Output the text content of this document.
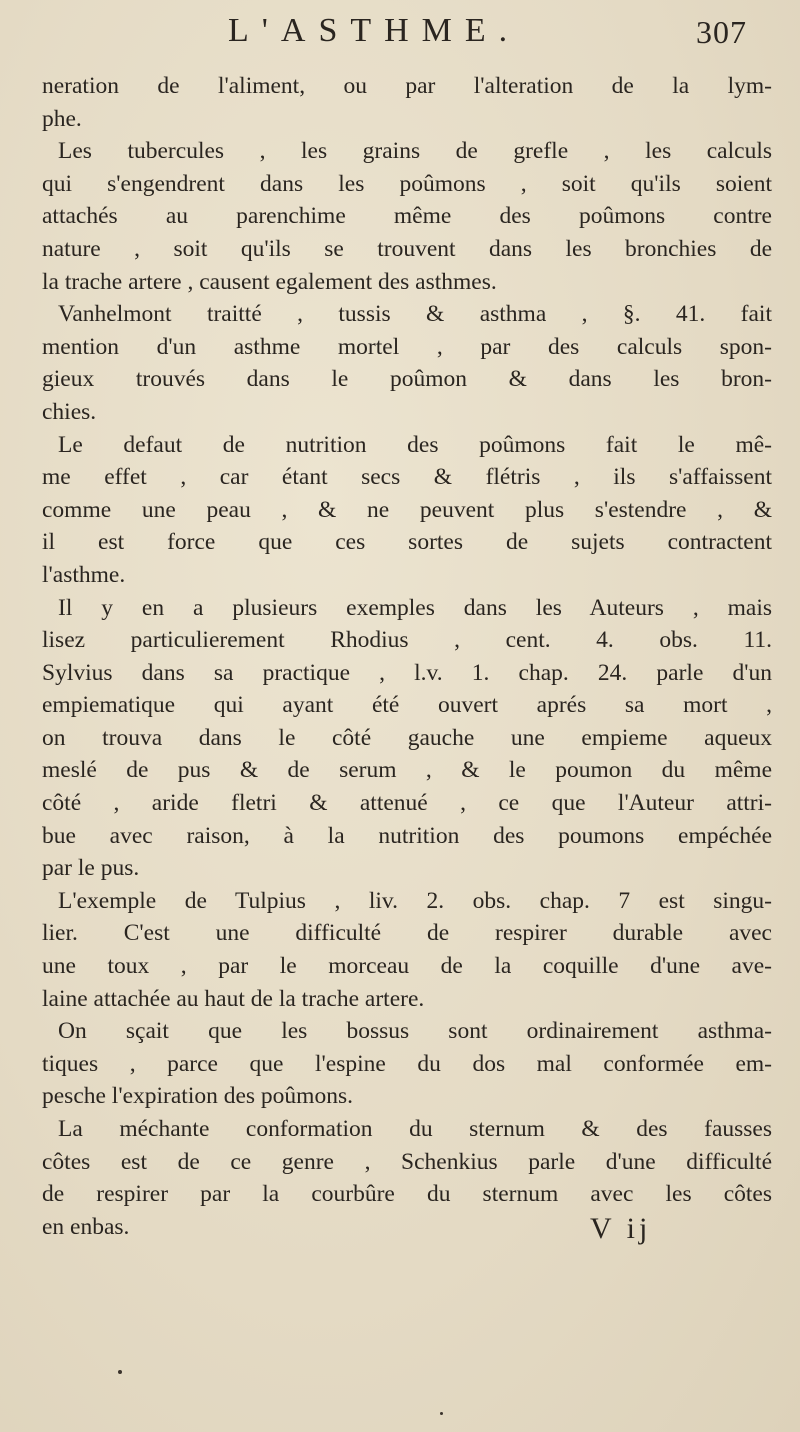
L'ASTHME.	307
neration de l'aliment, ou par l'alteration de la lym-
phe.
Les tubercules , les grains de grefle , les calculs
qui s'engendrent dans les poûmons , soit qu'ils soient
attachés au parenchime même des poûmons contre
nature , soit qu'ils se trouvent dans les bronchies de
la trache artere , causent egalement des asthmes.
Vanhelmont traitté , tussis & asthma , §. 41. fait
mention d'un asthme mortel , par des calculs spon-
gieux trouvés dans le poûmon & dans les bron-
chies.
Le defaut de nutrition des poûmons fait le mê-
me effet , car étant secs & flétris , ils s'affaissent
comme une peau , & ne peuvent plus s'estendre , &
il est force que ces sortes de sujets contractent
l'asthme.
Il y en a plusieurs exemples dans les Auteurs , mais
lisez particulierement Rhodius , cent. 4. obs. 11.
Sylvius dans sa practique , l.v. 1. chap. 24. parle d'un
empiematique qui ayant été ouvert aprés sa mort ,
on trouva dans le côté gauche une empieme aqueux
meslé de pus & de serum , & le poumon du même
côté , aride fletri & attenué , ce que l'Auteur attri-
bue avec raison, à la nutrition des poumons empéchée
par le pus.
L'exemple de Tulpius , liv. 2. obs. chap. 7 est singu-
lier. C'est une difficulté de respirer durable avec
une toux , par le morceau de la coquille d'une ave-
laine attachée au haut de la trache artere.
On sçait que les bossus sont ordinairement asthma-
tiques , parce que l'espine du dos mal conformée em-
pesche l'expiration des poûmons.
La méchante conformation du sternum & des fausses
côtes est de ce genre , Schenkius parle d'une difficulté
de respirer par la courbûre du sternum avec les côtes
en enbas.	V ij
